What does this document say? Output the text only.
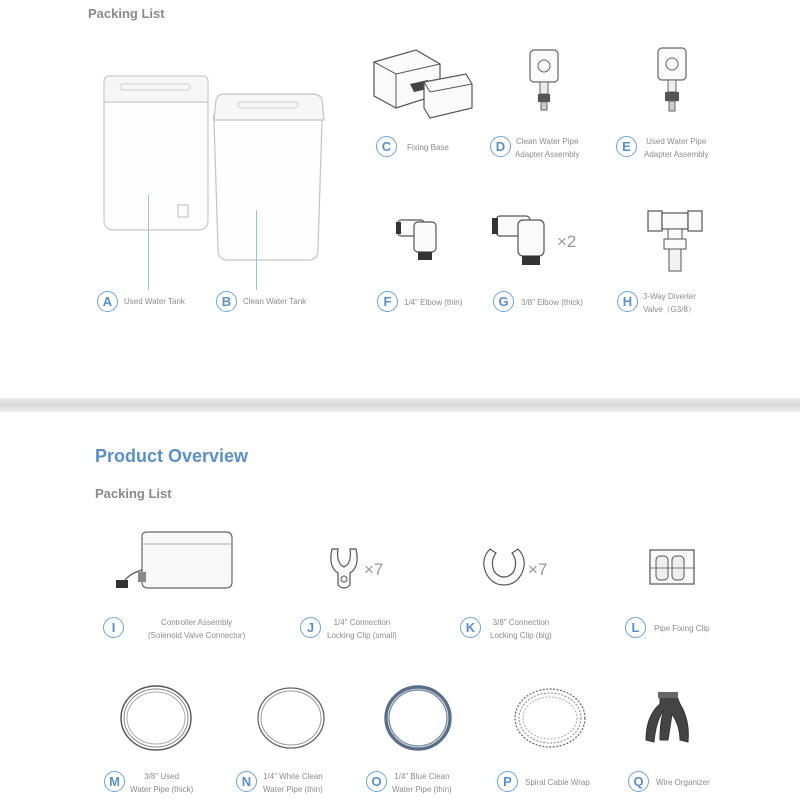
Packing List
A	Used Water Tank	B	Clean Water Tank
C	Fixing Base	D	Clean Water Pipe
Adapter Assembly
E	Used Water Pipe
Adapter Assembly
F	1/4" Elbow (thin)
×2
G	3/8" Elbow (thick)	H	3-Way Diverter
Valve（G3/8）
Product Overview
Packing List
I	Controller Assembly
(Solenoid Valve Connector)
×7
J	1/4" Connection
Locking Clip (small)
×7
K	3/8" Connection
Locking Clip (big)
L	Pipe Fixing Clip
M	3/8" Used
Water Pipe (thick)
N	1/4" White Clean
Water Pipe (thin)
O	1/4" Blue Clean
Water Pipe (thin)
P	Spiral Cable Wrap	Q	Wire Organizer
